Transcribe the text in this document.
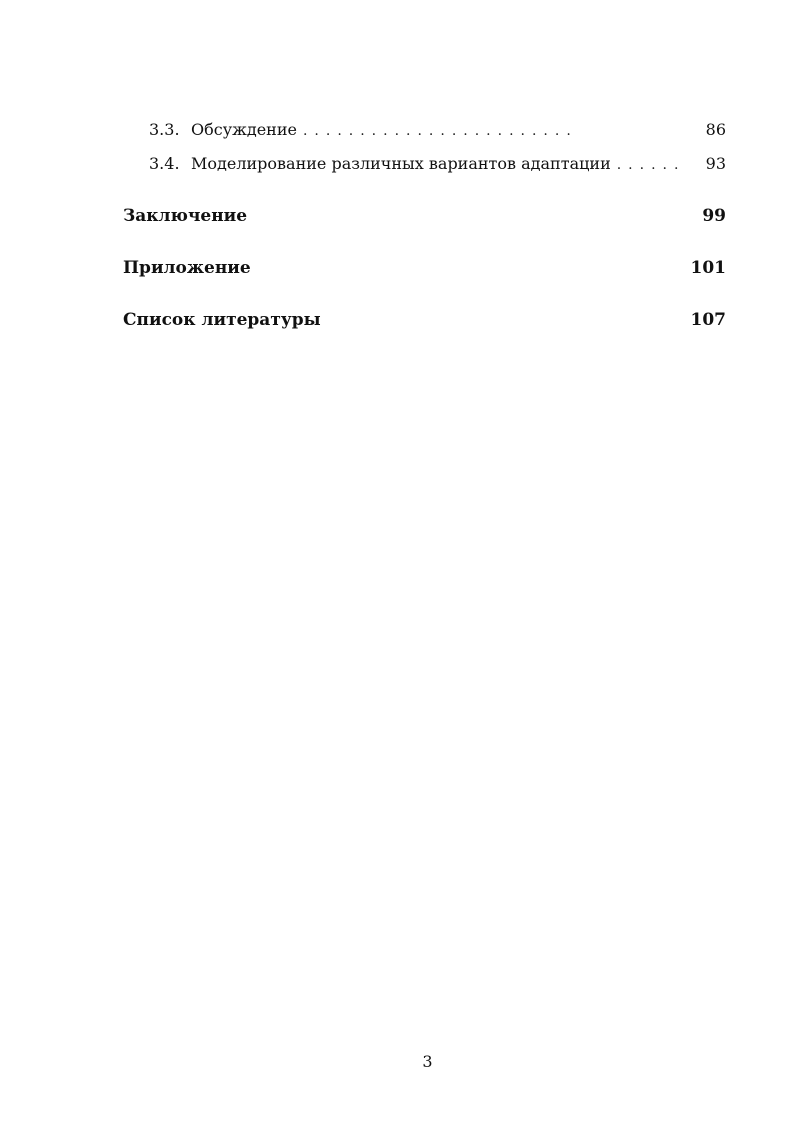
3.3. Обсуждение ........................	86
3.4. Моделирование различных вариантов адаптации ......	93
Заключение	99
Приложение	101
Список литературы	107
3
